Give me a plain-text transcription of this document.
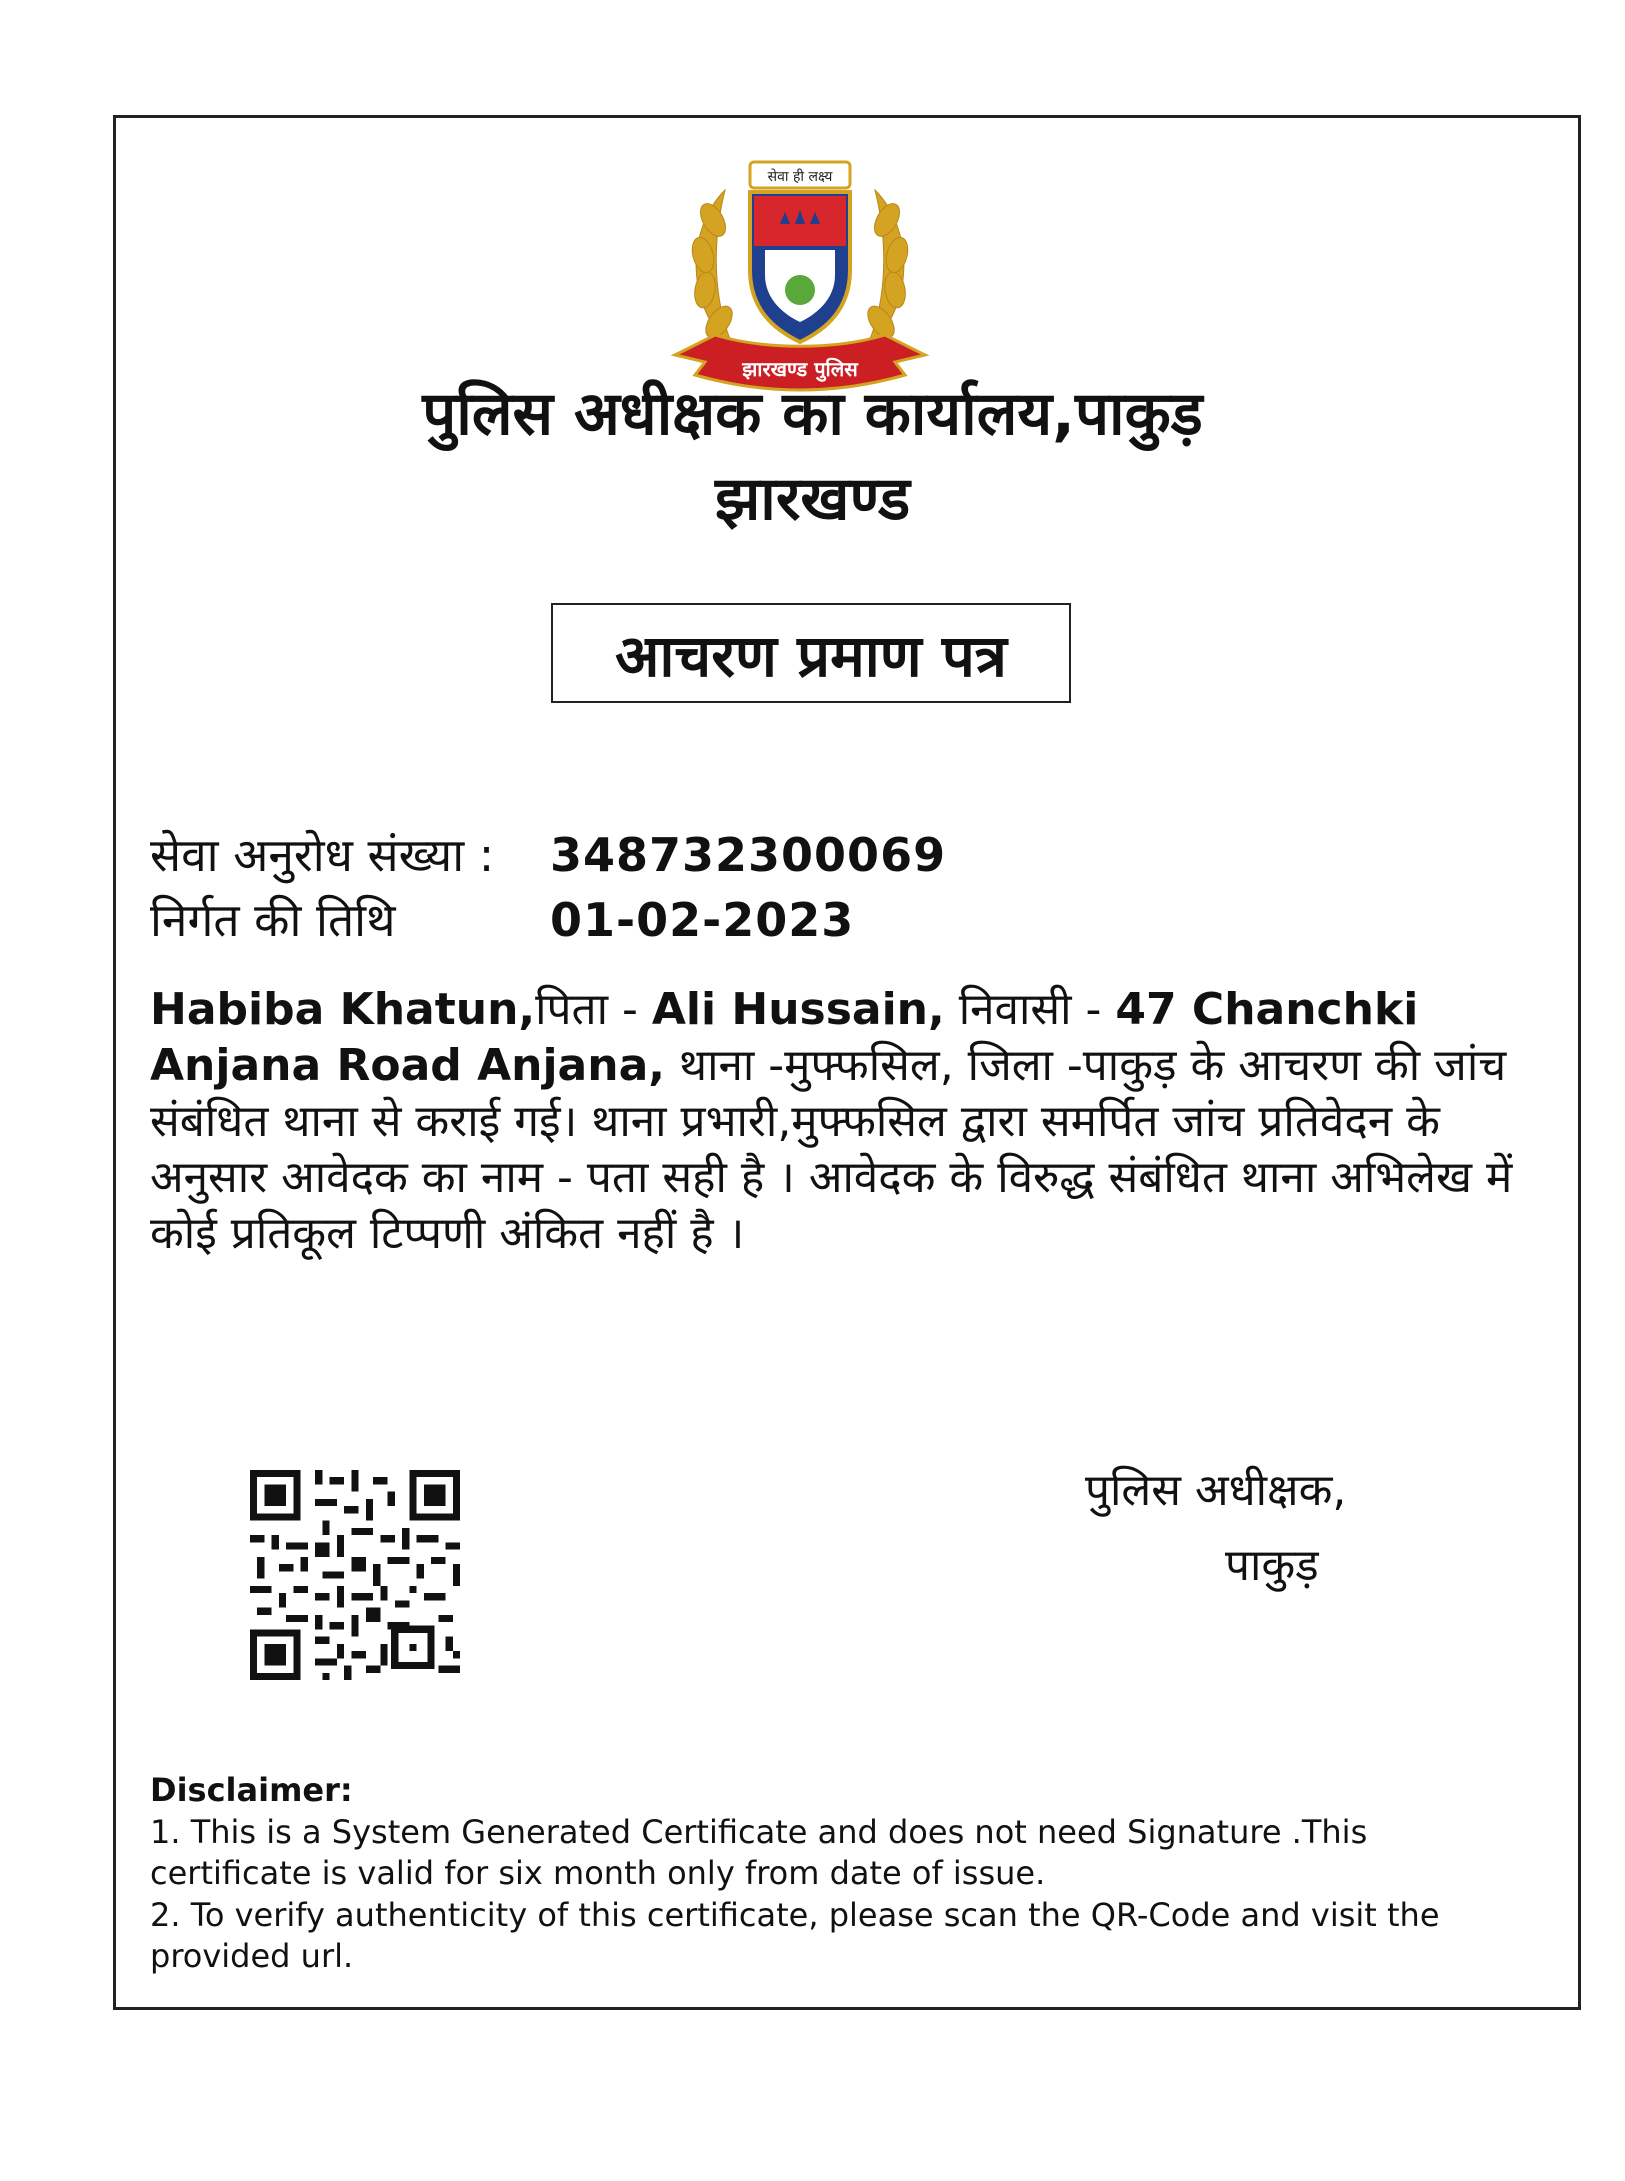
सेवा ही लक्ष्य
झारखण्ड पुलिस
पुलिस अधीक्षक का कार्यालय,पाकुड़
झारखण्ड
आचरण प्रमाण पत्र
सेवा अनुरोध संख्या : 348732300069
निर्गत की तिथि	01-02-2023
Habiba Khatun,पिता - Ali Hussain, निवासी - 47 Chanchki Anjana Road Anjana, थाना -मुफ्फसिल, जिला -पाकुड़ के आचरण की जांच संबंधित थाना से कराई गई। थाना प्रभारी,मुफ्फसिल द्वारा समर्पित जांच प्रतिवेदन के अनुसार आवेदक का नाम - पता सही है । आवेदक के विरुद्ध संबंधित थाना अभिलेख में कोई प्रतिकूल टिप्पणी अंकित नहीं है ।
पुलिस अधीक्षक,
पाकुड़
Disclaimer:
1. This is a System Generated Certificate and does not need Signature .This certificate is valid for six month only from date of issue.
2. To verify authenticity of this certificate, please scan the QR-Code and visit the provided url.
